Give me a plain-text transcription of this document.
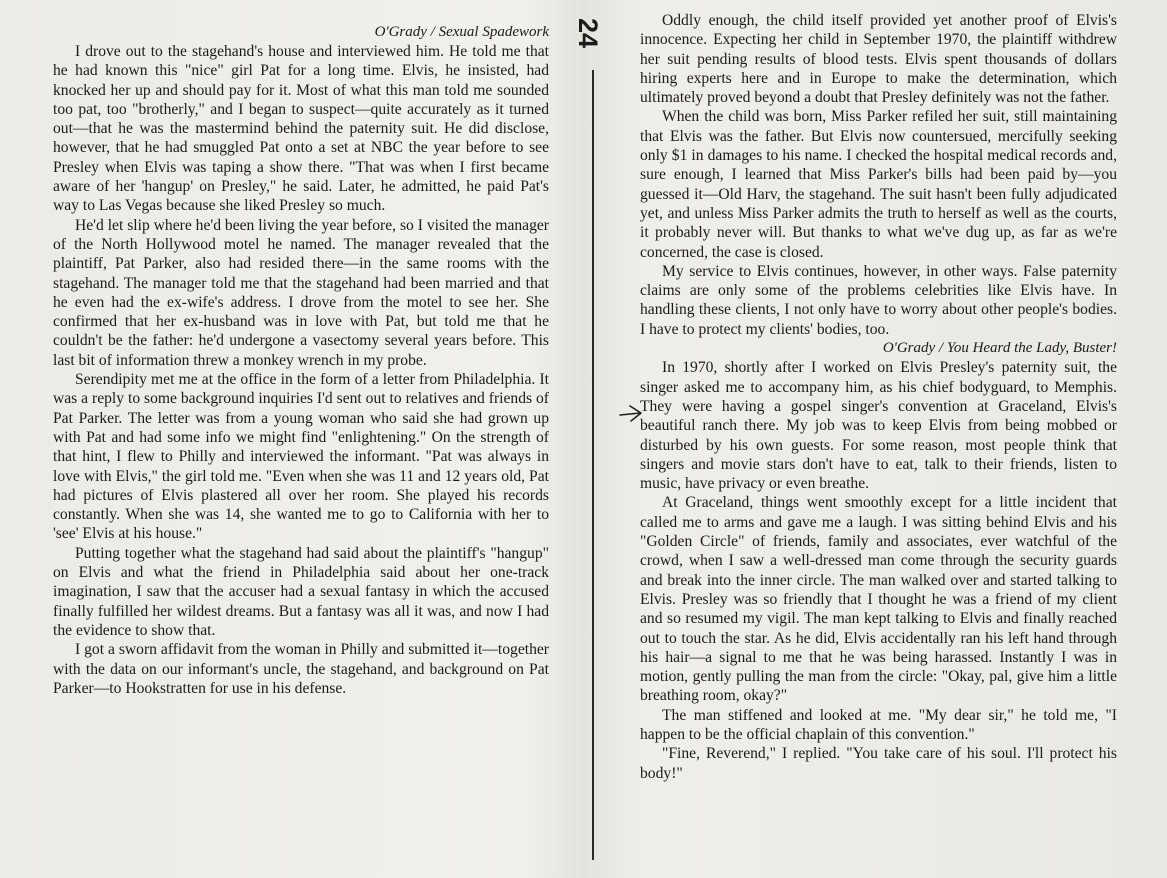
O'Grady / Sexual Spadework

I drove out to the stagehand's house and interviewed him. He told me that he had known this "nice" girl Pat for a long time. Elvis, he insisted, had knocked her up and should pay for it. Most of what this man told me sounded too pat, too "brotherly," and I began to suspect—quite accurately as it turned out—that he was the mastermind behind the paternity suit. He did disclose, however, that he had smuggled Pat onto a set at NBC the year before to see Presley when Elvis was taping a show there. "That was when I first became aware of her 'hangup' on Presley," he said. Later, he admitted, he paid Pat's way to Las Vegas because she liked Presley so much.

He'd let slip where he'd been living the year before, so I visited the manager of the North Hollywood motel he named. The manager revealed that the plaintiff, Pat Parker, also had resided there—in the same rooms with the stagehand. The manager told me that the stagehand had been married and that he even had the ex-wife's address. I drove from the motel to see her. She confirmed that her ex-husband was in love with Pat, but told me that he couldn't be the father: he'd undergone a vasectomy several years before. This last bit of information threw a monkey wrench in my probe.

Serendipity met me at the office in the form of a letter from Philadelphia. It was a reply to some background inquiries I'd sent out to relatives and friends of Pat Parker. The letter was from a young woman who said she had grown up with Pat and had some info we might find "enlightening." On the strength of that hint, I flew to Philly and interviewed the informant. "Pat was always in love with Elvis," the girl told me. "Even when she was 11 and 12 years old, Pat had pictures of Elvis plastered all over her room. She played his records constantly. When she was 14, she wanted me to go to California with her to 'see' Elvis at his house."

Putting together what the stagehand had said about the plaintiff's "hangup" on Elvis and what the friend in Philadelphia said about her one-track imagination, I saw that the accuser had a sexual fantasy in which the accused finally fulfilled her wildest dreams. But a fantasy was all it was, and now I had the evidence to show that.

I got a sworn affidavit from the woman in Philly and submitted it—together with the data on our informant's uncle, the stagehand, and background on Pat Parker—to Hookstratten for use in his defense.

24	Oddly enough, the child itself provided yet another proof of Elvis's innocence. Expecting her child in September 1970, the plaintiff withdrew her suit pending results of blood tests. Elvis spent thousands of dollars hiring experts here and in Europe to make the determination, which ultimately proved beyond a doubt that Presley definitely was not the father.

When the child was born, Miss Parker refiled her suit, still maintaining that Elvis was the father. But Elvis now countersued, mercifully seeking only $1 in damages to his name. I checked the hospital medical records and, sure enough, I learned that Miss Parker's bills had been paid by—you guessed it—Old Harv, the stagehand. The suit hasn't been fully adjudicated yet, and unless Miss Parker admits the truth to herself as well as the courts, it probably never will. But thanks to what we've dug up, as far as we're concerned, the case is closed.

My service to Elvis continues, however, in other ways. False paternity claims are only some of the problems celebrities like Elvis have. In handling these clients, I not only have to worry about other people's bodies. I have to protect my clients' bodies, too.

O'Grady / You Heard the Lady, Buster!

In 1970, shortly after I worked on Elvis Presley's paternity suit, the singer asked me to accompany him, as his chief bodyguard, to Memphis. They were having a gospel singer's convention at Graceland, Elvis's beautiful ranch there. My job was to keep Elvis from being mobbed or disturbed by his own guests. For some reason, most people think that singers and movie stars don't have to eat, talk to their friends, listen to music, have privacy or even breathe.

At Graceland, things went smoothly except for a little incident that called me to arms and gave me a laugh. I was sitting behind Elvis and his "Golden Circle" of friends, family and associates, ever watchful of the crowd, when I saw a well-dressed man come through the security guards and break into the inner circle. The man walked over and started talking to Elvis. Presley was so friendly that I thought he was a friend of my client and so resumed my vigil. The man kept talking to Elvis and finally reached out to touch the star. As he did, Elvis accidentally ran his left hand through his hair—a signal to me that he was being harassed. Instantly I was in motion, gently pulling the man from the circle: "Okay, pal, give him a little breathing room, okay?"

The man stiffened and looked at me. "My dear sir," he told me, "I happen to be the official chaplain of this convention."

"Fine, Reverend," I replied. "You take care of his soul. I'll protect his body!"
